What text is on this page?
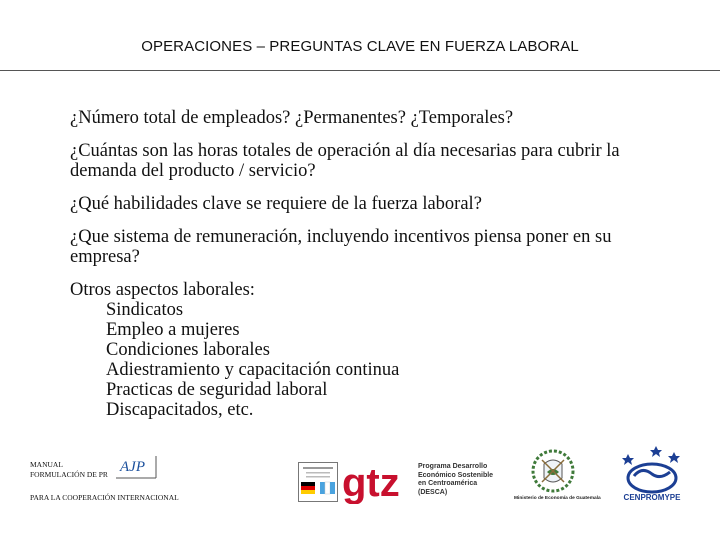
OPERACIONES – PREGUNTAS CLAVE EN FUERZA LABORAL

¿Número total de empleados? ¿Permanentes? ¿Temporales?

¿Cuántas son las horas totales de operación al día necesarias para cubrir la demanda del producto / servicio?

¿Qué habilidades clave se requiere de la fuerza laboral?

¿Que sistema de remuneración, incluyendo incentivos piensa poner en su empresa?

Otros aspectos laborales:

Sindicatos

Empleo a mujeres

Condiciones laborales

Adiestramiento y capacitación continua

Practicas de seguridad laboral

Discapacitados, etc.

MANUAL
FORMULACIÓN DE PR
PARA LA COOPERACIÓN INTERNACIONAL
AJP	gtz	Programa Desarrollo
Económico Sostenible
en Centroamérica
(DESCA)
Ministerio de Economía de Guatemala	CENPROMYPE
